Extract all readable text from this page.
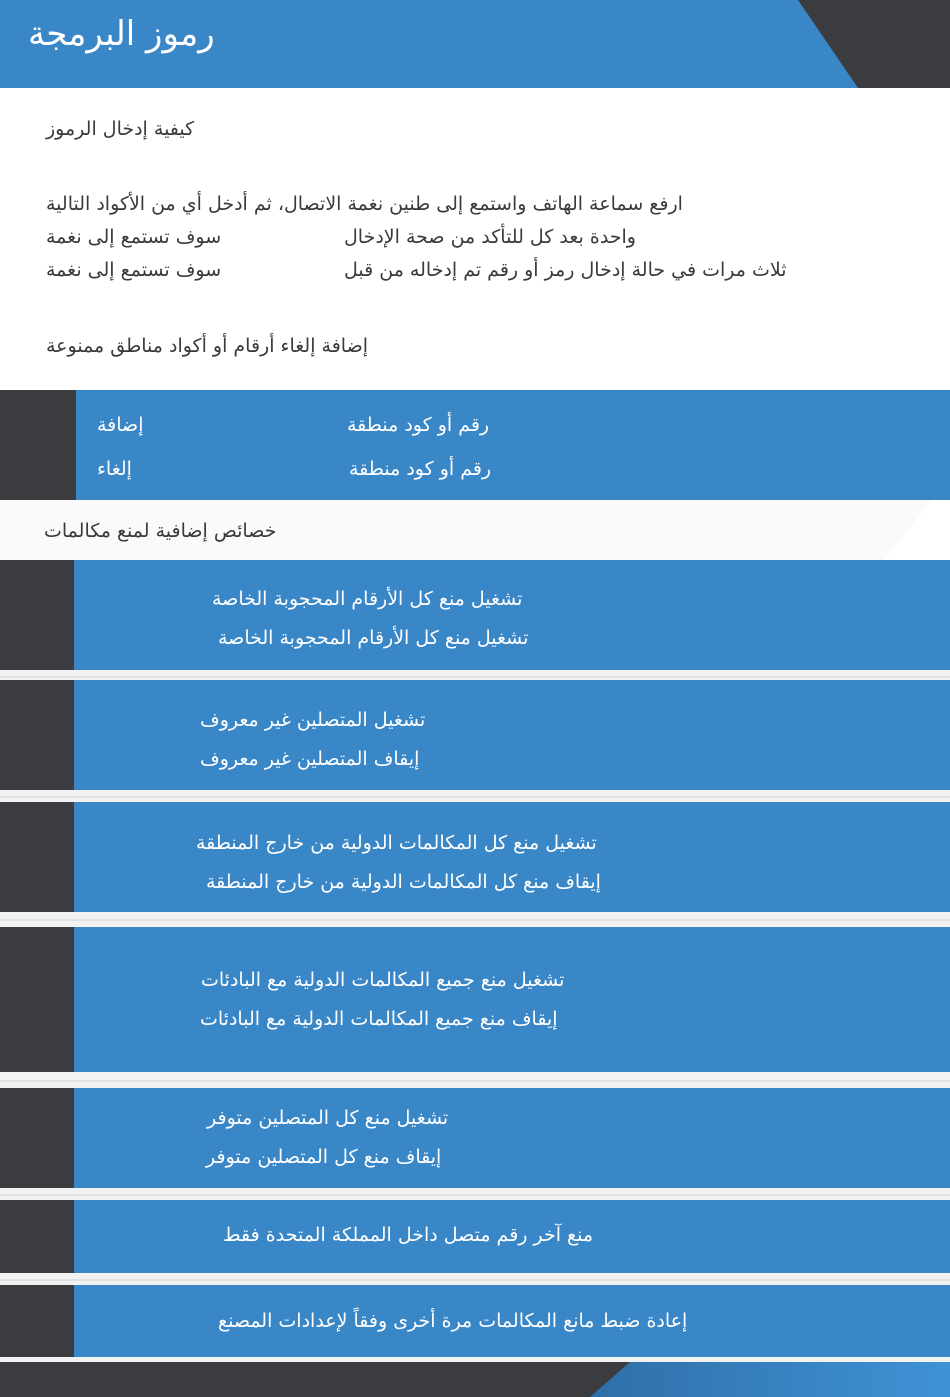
رموز البرمجة
كيفية إدخال الرموز
ارفع سماعة الهاتف واستمع إلى طنين نغمة الاتصال، ثم أدخل أي من الأكواد التالية
سوف تستمع إلى نغمة	واحدة بعد كل للتأكد من صحة الإدخال
سوف تستمع إلى نغمة	ثلاث مرات في حالة إدخال رمز أو رقم تم إدخاله من قبل
إضافة إلغاء أرقام أو أكواد مناطق ممنوعة
إضافة	رقم أو كود منطقة
إلغاء	رقم أو كود منطقة
خصائص إضافية لمنع مكالمات
تشغيل منع كل الأرقام المحجوبة الخاصة
تشغيل منع كل الأرقام المحجوبة الخاصة
تشغيل المتصلين غير معروف
إيقاف المتصلين غير معروف
تشغيل منع كل المكالمات الدولية من خارج المنطقة
إيقاف منع كل المكالمات الدولية من خارج المنطقة
تشغيل منع جميع المكالمات الدولية مع البادئات
إيقاف منع جميع المكالمات الدولية مع البادئات
تشغيل منع كل المتصلين متوفر
إيقاف منع كل المتصلين متوفر
منع آخر رقم متصل داخل المملكة المتحدة فقط
إعادة ضبط مانع المكالمات مرة أخرى وفقاً لإعدادات المصنع
